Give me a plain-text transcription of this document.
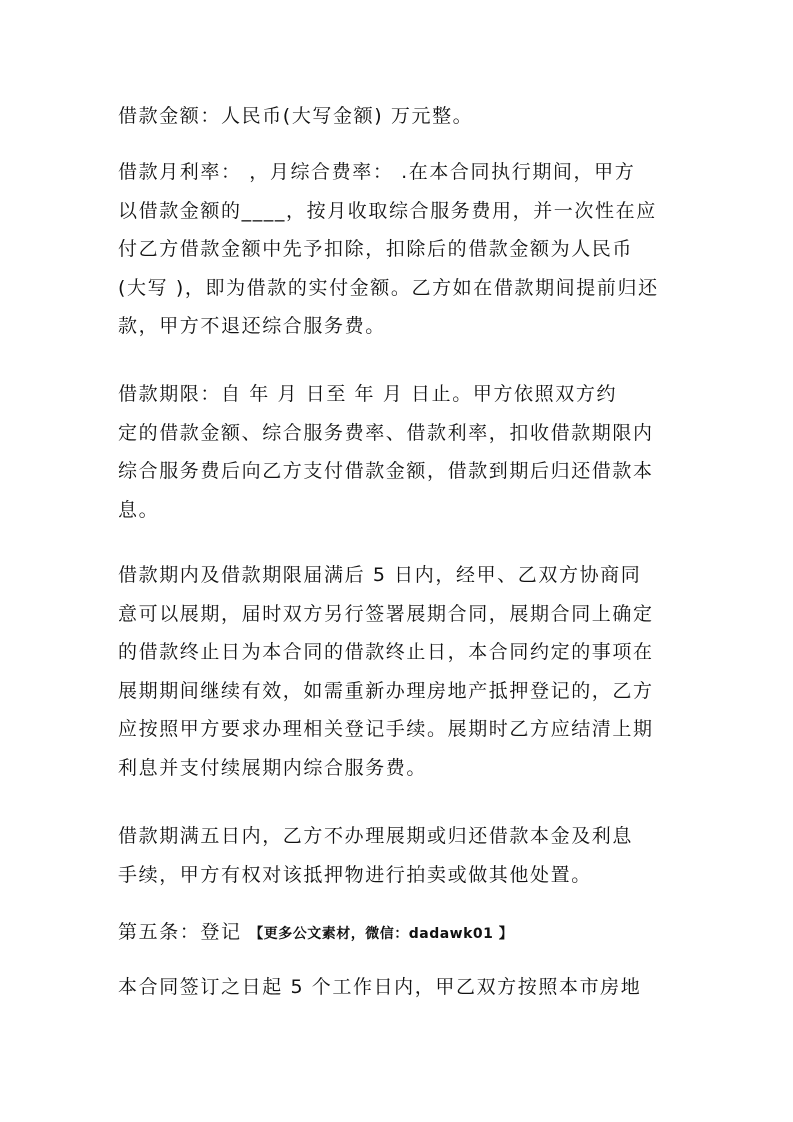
借款金额：人民币(大写金额) 万元整。
借款月利率： ，月综合费率： .在本合同执行期间，甲方
以借款金额的____，按月收取综合服务费用，并一次性在应
付乙方借款金额中先予扣除，扣除后的借款金额为人民币
(大写 )，即为借款的实付金额。乙方如在借款期间提前归还
款，甲方不退还综合服务费。
借款期限：自 年 月 日至 年 月 日止。甲方依照双方约
定的借款金额、综合服务费率、借款利率，扣收借款期限内
综合服务费后向乙方支付借款金额，借款到期后归还借款本
息。
借款期内及借款期限届满后 5 日内，经甲、乙双方协商同
意可以展期，届时双方另行签署展期合同，展期合同上确定
的借款终止日为本合同的借款终止日，本合同约定的事项在
展期期间继续有效，如需重新办理房地产抵押登记的，乙方
应按照甲方要求办理相关登记手续。展期时乙方应结清上期
利息并支付续展期内综合服务费。
借款期满五日内，乙方不办理展期或归还借款本金及利息
手续，甲方有权对该抵押物进行拍卖或做其他处置。
第五条：登记 【更多公文素材，微信：dadawk01 】
本合同签订之日起 5 个工作日内，甲乙双方按照本市房地
